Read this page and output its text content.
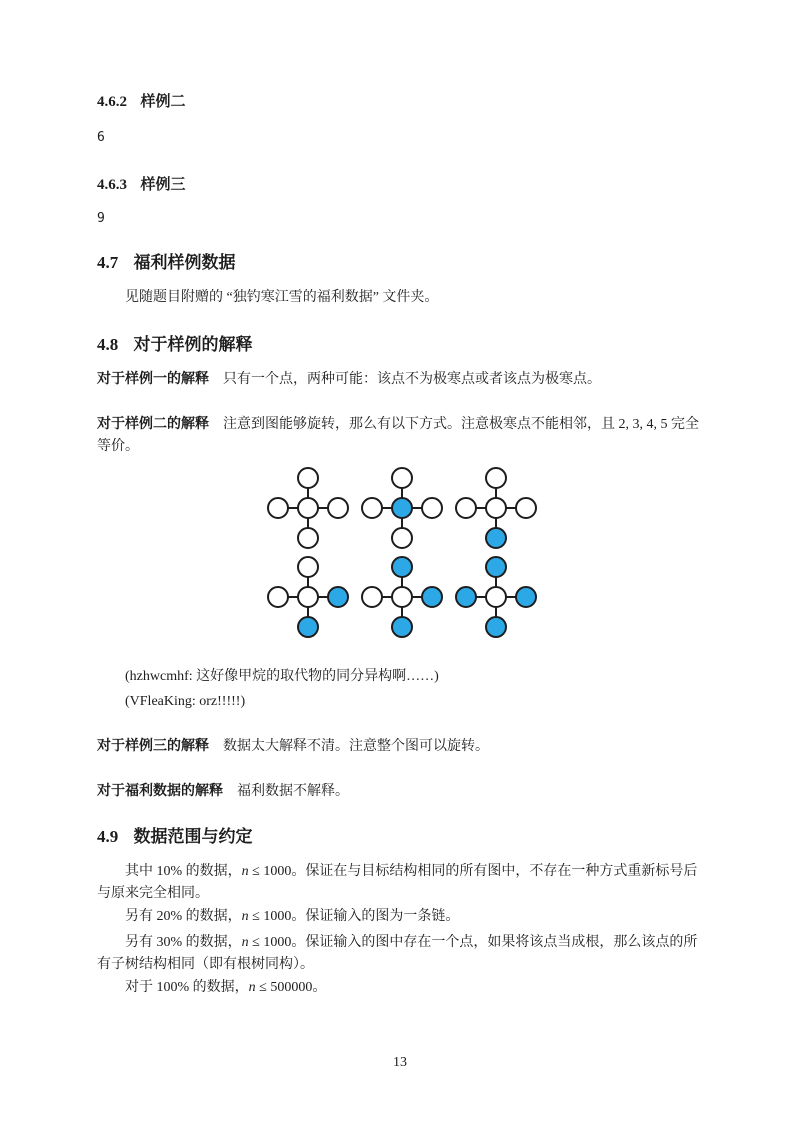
4.6.2 样例二
6
4.6.3 样例三
9
4.7 福利样例数据

见随题目附赠的 “独钓寒江雪的福利数据” 文件夹。

4.8 对于样例的解释

对于样例一的解释 只有一个点，两种可能：该点不为极寒点或者该点为极寒点。

对于样例二的解释 注意到图能够旋转，那么有以下方式。注意极寒点不能相邻，且 2, 3, 4, 5 完全等价。

(hzhwcmhf: 这好像甲烷的取代物的同分异构啊……)

(VFleaKing: orz!!!!!)

对于样例三的解释 数据太大解释不清。注意整个图可以旋转。

对于福利数据的解释 福利数据不解释。

4.9 数据范围与约定

其中 10% 的数据，n ≤ 1000。保证在与目标结构相同的所有图中，不存在一种方式重新标号后与原来完全相同。

另有 20% 的数据，n ≤ 1000。保证输入的图为一条链。

另有 30% 的数据，n ≤ 1000。保证输入的图中存在一个点，如果将该点当成根，那么该点的所有子树结构相同（即有根树同构）。

对于 100% 的数据，n ≤ 500000。

13
